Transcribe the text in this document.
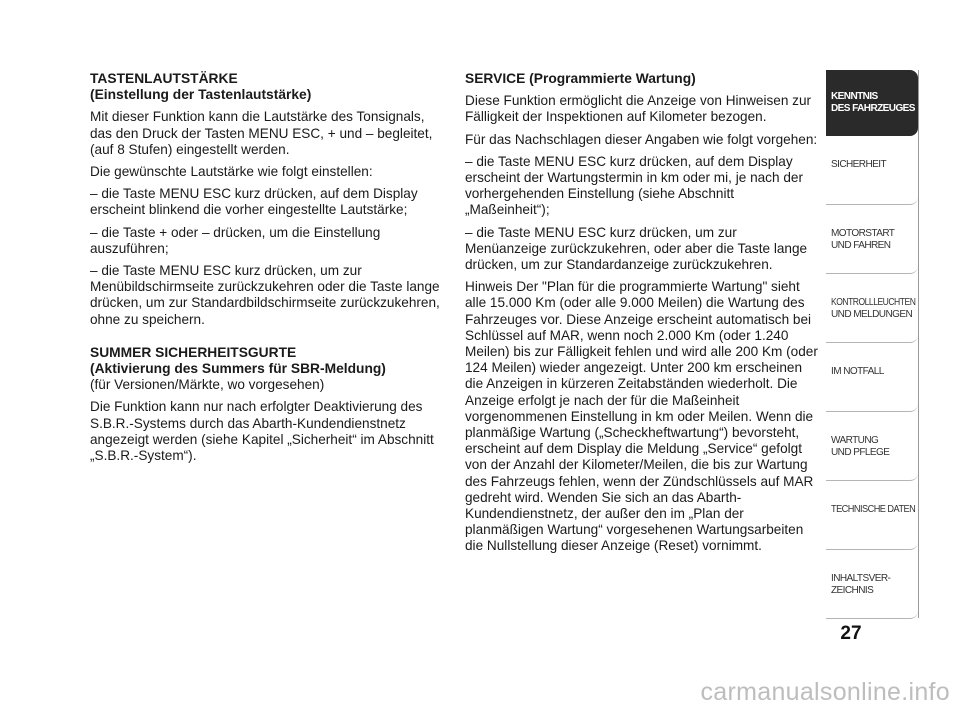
TASTENLAUTSTÄRKE
(Einstellung der Tastenlautstärke)

Mit dieser Funktion kann die Lautstärke des Tonsignals, das den Druck der Tasten MENU ESC, + und – begleitet, (auf 8 Stufen) eingestellt werden.

Die gewünschte Lautstärke wie folgt einstellen:

– die Taste MENU ESC kurz drücken, auf dem Display erscheint blinkend die vorher eingestellte Lautstärke;

– die Taste + oder – drücken, um die Einstellung auszuführen;

– die Taste MENU ESC kurz drücken, um zur Menübildschirmseite zurückzukehren oder die Taste lange drücken, um zur Standardbildschirmseite zurückzukehren, ohne zu speichern.

SUMMER SICHERHEITSGURTE
(Aktivierung des Summers für SBR-Meldung)

(für Versionen/Märkte, wo vorgesehen)

Die Funktion kann nur nach erfolgter Deaktivierung des S.B.R.-Systems durch das Abarth-Kundendienstnetz angezeigt werden (siehe Kapitel „Sicherheit“ im Abschnitt „S.B.R.-System“).

SERVICE (Programmierte Wartung)

Diese Funktion ermöglicht die Anzeige von Hinweisen zur Fälligkeit der Inspektionen auf Kilometer bezogen.

Für das Nachschlagen dieser Angaben wie folgt vorgehen:

– die Taste MENU ESC kurz drücken, auf dem Display erscheint der Wartungstermin in km oder mi, je nach der vorhergehenden Einstellung (siehe Abschnitt „Maßeinheit“);

– die Taste MENU ESC kurz drücken, um zur Menüanzeige zurückzukehren, oder aber die Taste lange drücken, um zur Standardanzeige zurückzukehren.

Hinweis Der "Plan für die programmierte Wartung" sieht alle 15.000 Km (oder alle 9.000 Meilen) die Wartung des Fahrzeuges vor. Diese Anzeige erscheint automatisch bei Schlüssel auf MAR, wenn noch 2.000 Km (oder 1.240 Meilen) bis zur Fälligkeit fehlen und wird alle 200 Km (oder 124 Meilen) wieder angezeigt. Unter 200 km erscheinen die Anzeigen in kürzeren Zeitabständen wiederholt. Die Anzeige erfolgt je nach der für die Maßeinheit vorgenommenen Einstellung in km oder Meilen. Wenn die planmäßige Wartung („Scheckheftwartung“) bevorsteht, erscheint auf dem Display die Meldung „Service“ gefolgt von der Anzahl der Kilometer/Meilen, die bis zur Wartung des Fahrzeugs fehlen, wenn der Zündschlüssels auf MAR gedreht wird. Wenden Sie sich an das Abarth-Kundendienstnetz, der außer den im „Plan der planmäßigen Wartung“ vorgesehenen Wartungsarbeiten die Nullstellung dieser Anzeige (Reset) vornimmt.

KENNTNIS
DES FAHRZEUGES
SICHERHEIT
MOTORSTART
UND FAHREN
KONTROLLLEUCHTEN
UND MELDUNGEN
IM NOTFALL
WARTUNG
UND PFLEGE
TECHNISCHE DATEN
INHALTSVER-
ZEICHNIS
27
carmanualsonline.info
